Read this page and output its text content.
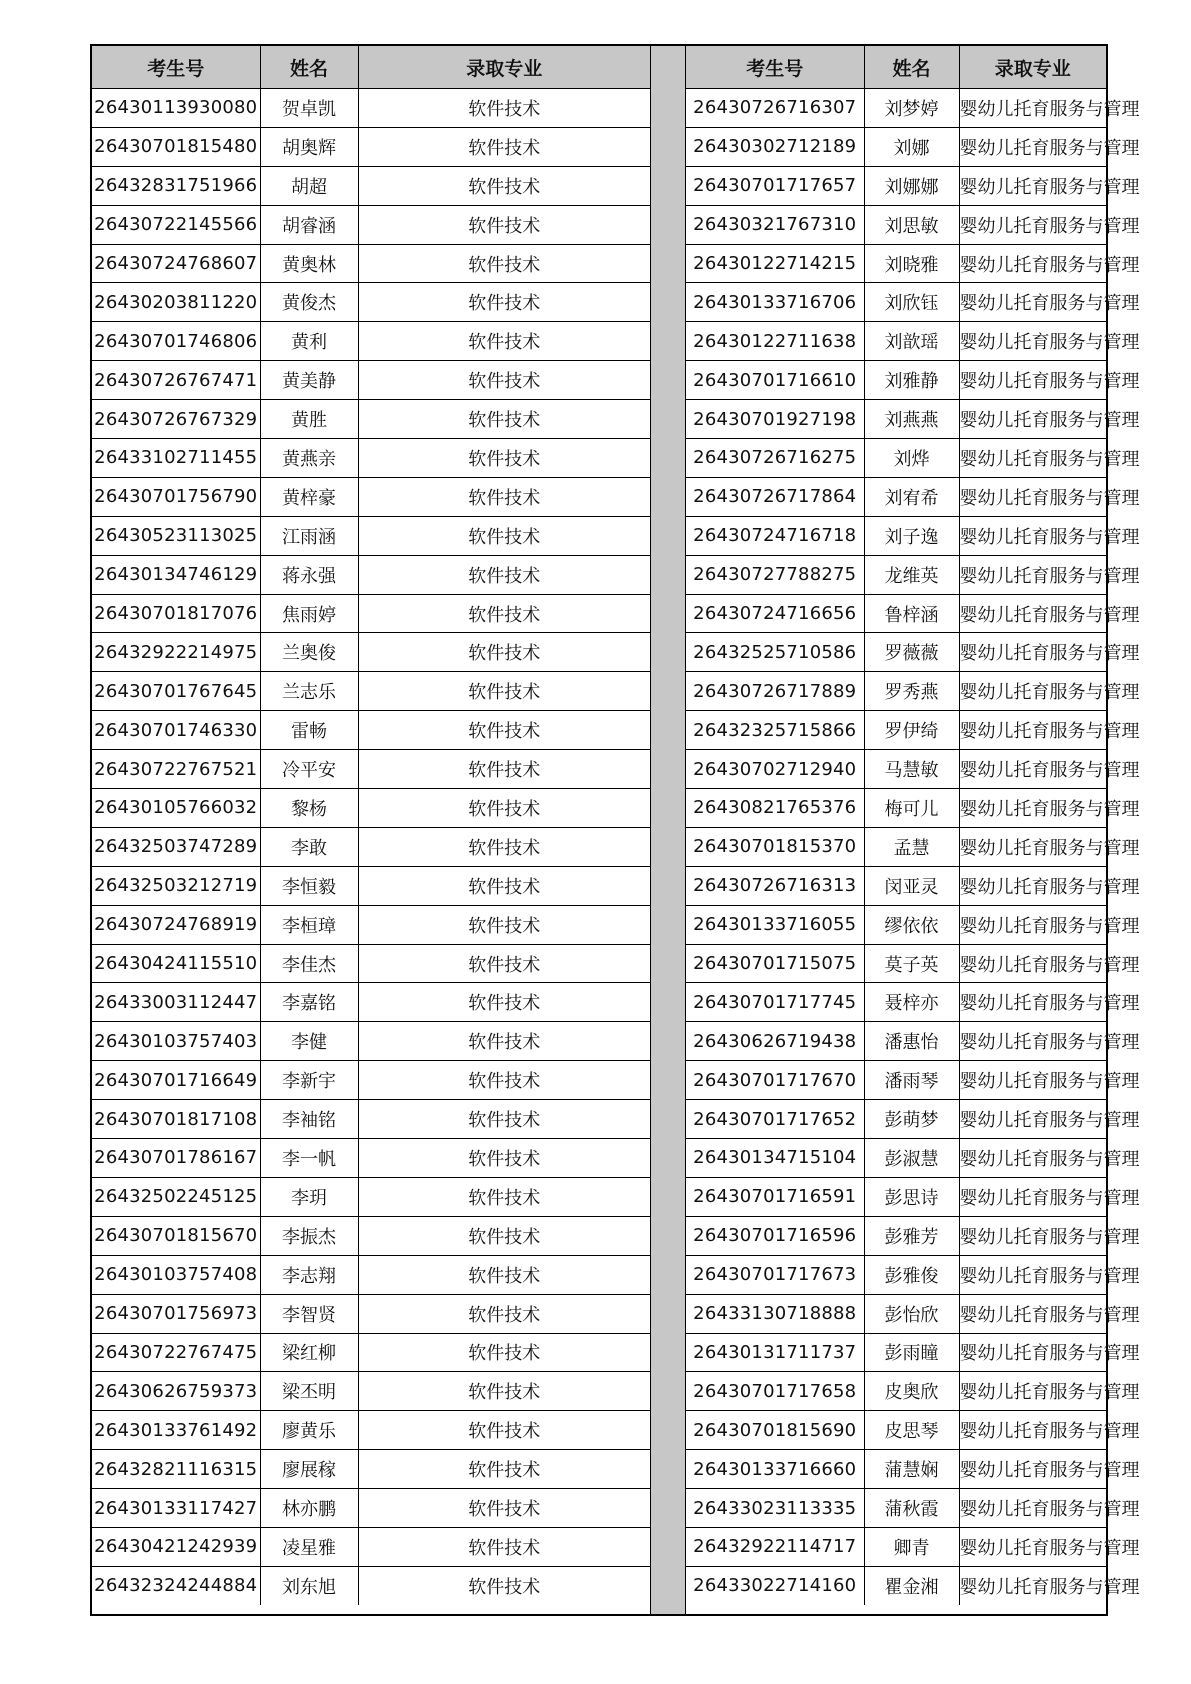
考生号	姓名	录取专业
26430113930080	贺卓凯	软件技术
26430701815480	胡奥辉	软件技术
26432831751966	胡超	软件技术
26430722145566	胡睿涵	软件技术
26430724768607	黄奥林	软件技术
26430203811220	黄俊杰	软件技术
26430701746806	黄利	软件技术
26430726767471	黄美静	软件技术
26430726767329	黄胜	软件技术
26433102711455	黄燕亲	软件技术
26430701756790	黄梓豪	软件技术
26430523113025	江雨涵	软件技术
26430134746129	蒋永强	软件技术
26430701817076	焦雨婷	软件技术
26432922214975	兰奥俊	软件技术
26430701767645	兰志乐	软件技术
26430701746330	雷畅	软件技术
26430722767521	冷平安	软件技术
26430105766032	黎杨	软件技术
26432503747289	李敢	软件技术
26432503212719	李恒毅	软件技术
26430724768919	李桓璋	软件技术
26430424115510	李佳杰	软件技术
26433003112447	李嘉铭	软件技术
26430103757403	李健	软件技术
26430701716649	李新宇	软件技术
26430701817108	李袖铭	软件技术
26430701786167	李一帆	软件技术
26432502245125	李玥	软件技术
26430701815670	李振杰	软件技术
26430103757408	李志翔	软件技术
26430701756973	李智贤	软件技术
26430722767475	梁红柳	软件技术
26430626759373	梁丕明	软件技术
26430133761492	廖黄乐	软件技术
26432821116315	廖展稼	软件技术
26430133117427	林亦鹏	软件技术
26430421242939	凌星雅	软件技术
26432324244884	刘东旭	软件技术
考生号	姓名	录取专业
26430726716307	刘梦婷	婴幼儿托育服务与管理
26430302712189	刘娜	婴幼儿托育服务与管理
26430701717657	刘娜娜	婴幼儿托育服务与管理
26430321767310	刘思敏	婴幼儿托育服务与管理
26430122714215	刘晓雅	婴幼儿托育服务与管理
26430133716706	刘欣钰	婴幼儿托育服务与管理
26430122711638	刘歆瑶	婴幼儿托育服务与管理
26430701716610	刘雅静	婴幼儿托育服务与管理
26430701927198	刘燕燕	婴幼儿托育服务与管理
26430726716275	刘烨	婴幼儿托育服务与管理
26430726717864	刘宥希	婴幼儿托育服务与管理
26430724716718	刘子逸	婴幼儿托育服务与管理
26430727788275	龙维英	婴幼儿托育服务与管理
26430724716656	鲁梓涵	婴幼儿托育服务与管理
26432525710586	罗薇薇	婴幼儿托育服务与管理
26430726717889	罗秀燕	婴幼儿托育服务与管理
26432325715866	罗伊绮	婴幼儿托育服务与管理
26430702712940	马慧敏	婴幼儿托育服务与管理
26430821765376	梅可儿	婴幼儿托育服务与管理
26430701815370	孟慧	婴幼儿托育服务与管理
26430726716313	闵亚灵	婴幼儿托育服务与管理
26430133716055	缪依依	婴幼儿托育服务与管理
26430701715075	莫子英	婴幼儿托育服务与管理
26430701717745	聂梓亦	婴幼儿托育服务与管理
26430626719438	潘惠怡	婴幼儿托育服务与管理
26430701717670	潘雨琴	婴幼儿托育服务与管理
26430701717652	彭萌梦	婴幼儿托育服务与管理
26430134715104	彭淑慧	婴幼儿托育服务与管理
26430701716591	彭思诗	婴幼儿托育服务与管理
26430701716596	彭雅芳	婴幼儿托育服务与管理
26430701717673	彭雅俊	婴幼儿托育服务与管理
26433130718888	彭怡欣	婴幼儿托育服务与管理
26430131711737	彭雨瞳	婴幼儿托育服务与管理
26430701717658	皮奥欣	婴幼儿托育服务与管理
26430701815690	皮思琴	婴幼儿托育服务与管理
26430133716660	蒲慧娴	婴幼儿托育服务与管理
26433023113335	蒲秋霞	婴幼儿托育服务与管理
26432922114717	卿青	婴幼儿托育服务与管理
26433022714160	瞿金湘	婴幼儿托育服务与管理
